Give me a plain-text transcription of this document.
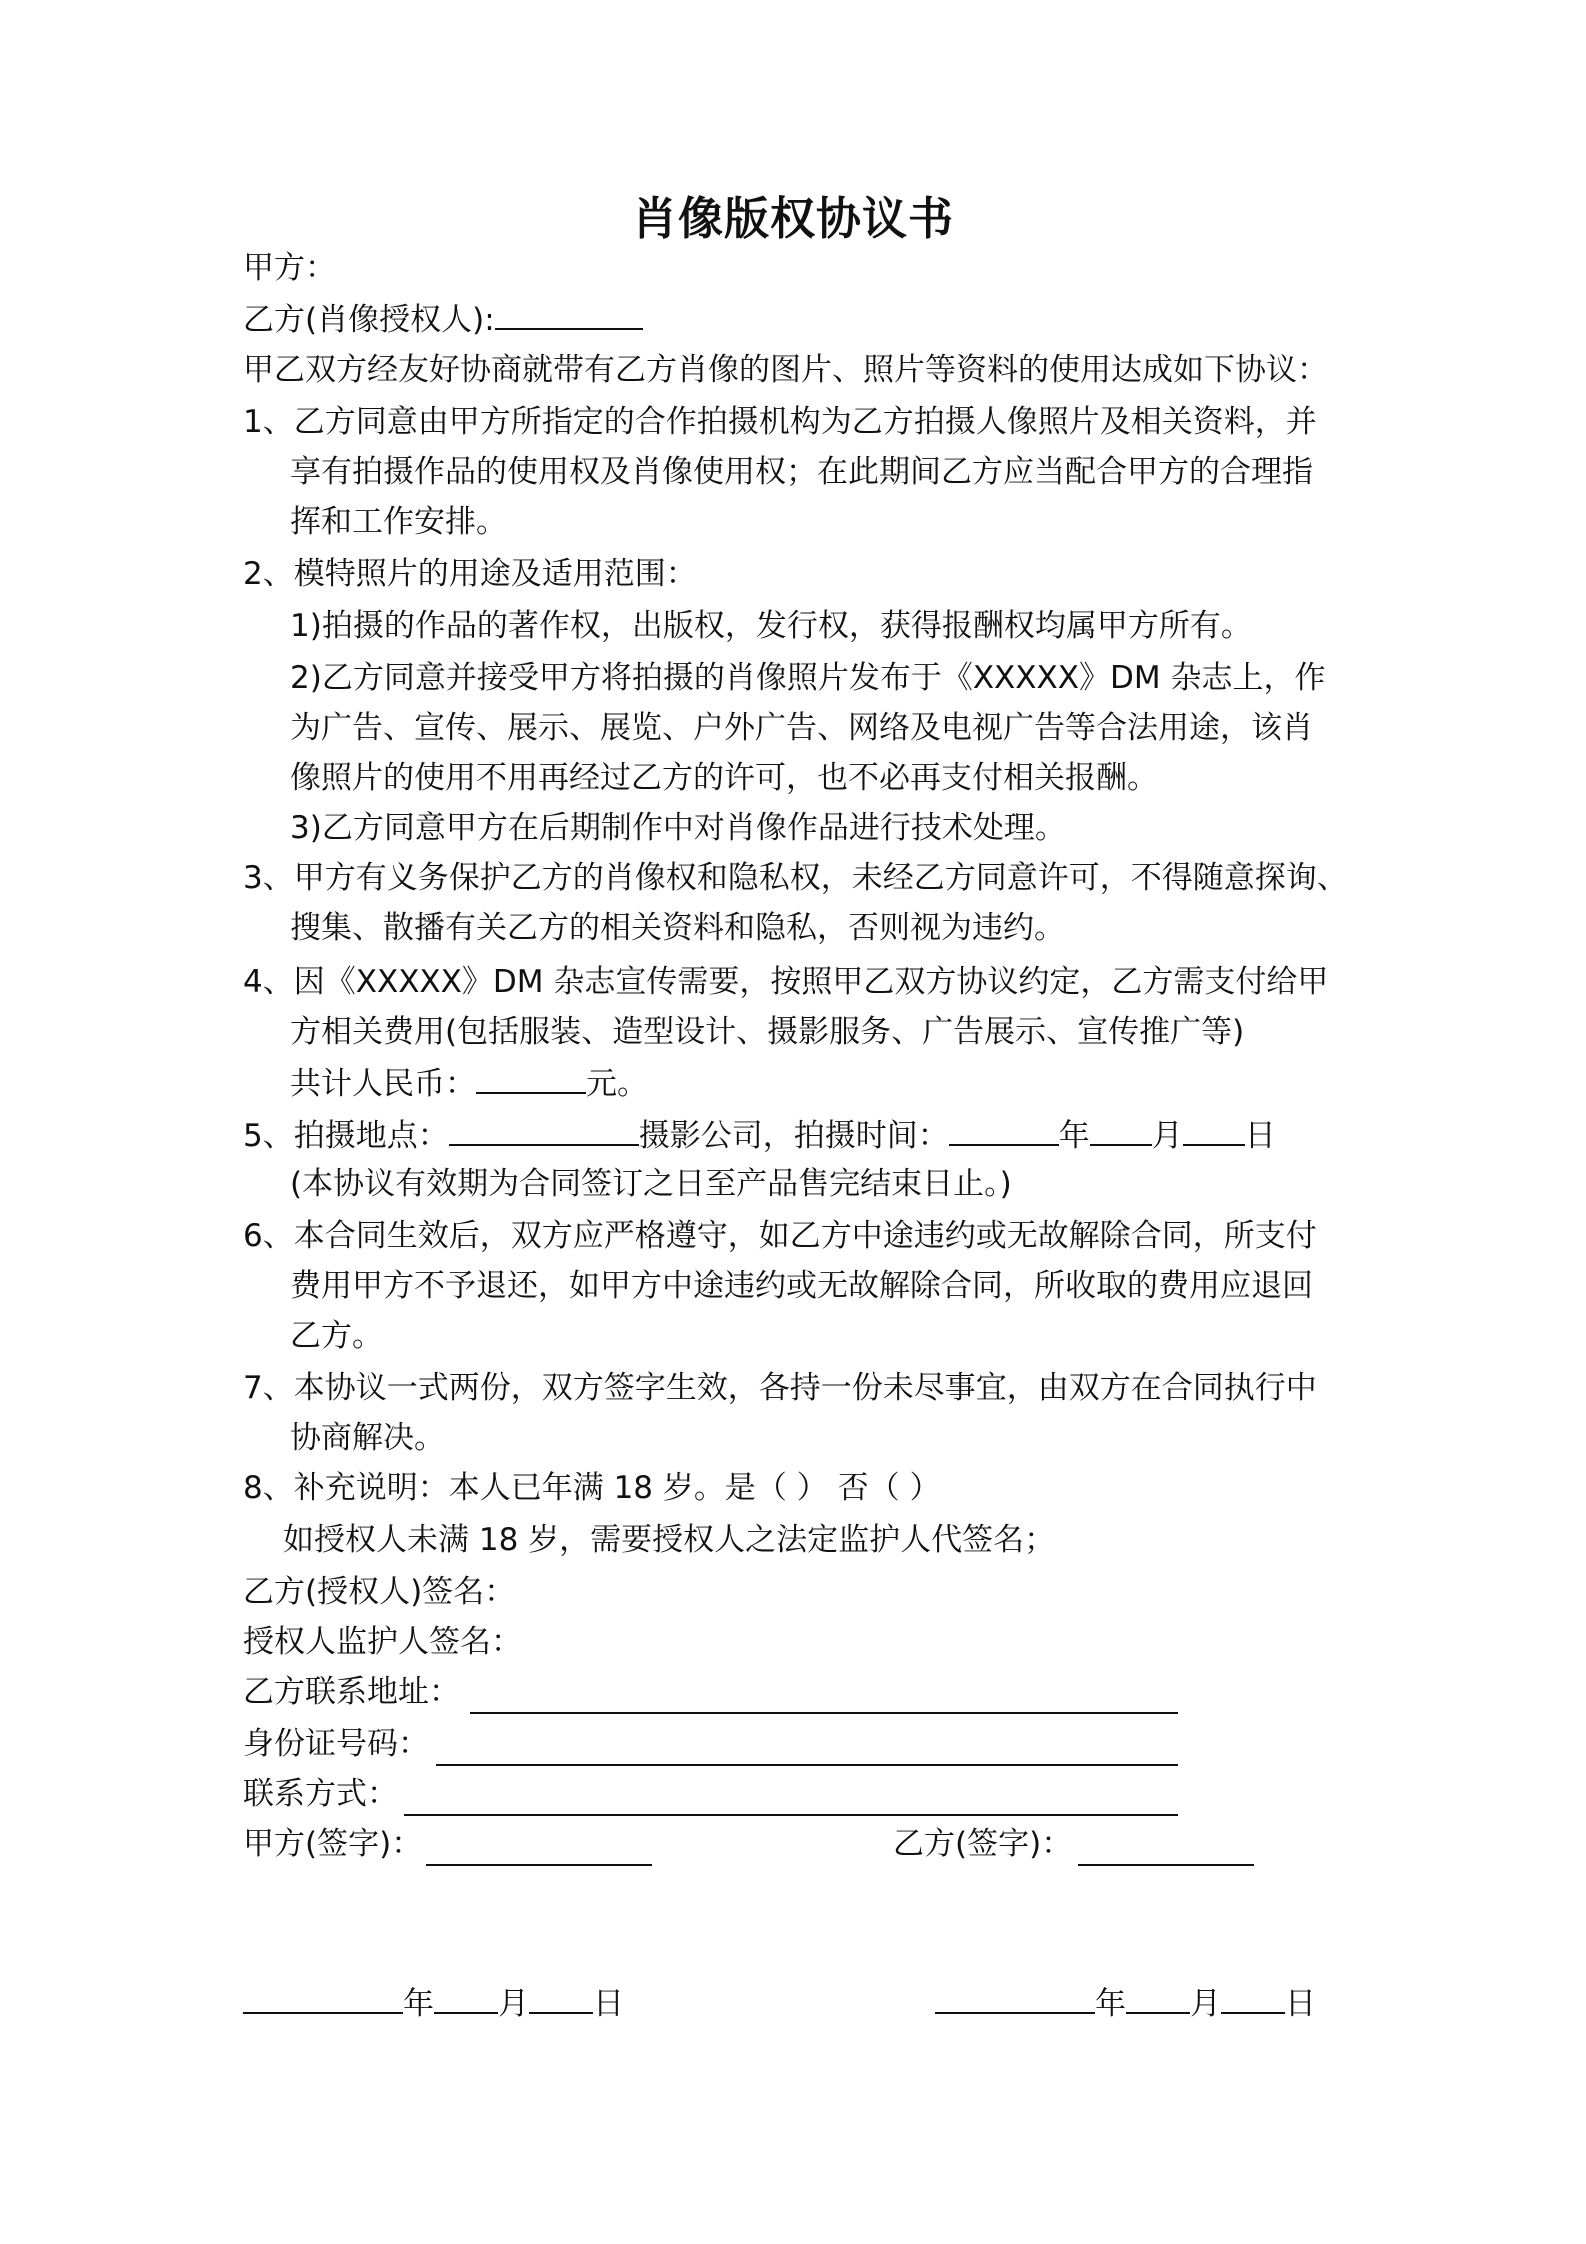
肖像版权协议书

甲方：

乙方(肖像授权人):

甲乙双方经友好协商就带有乙方肖像的图片、照片等资料的使用达成如下协议：

1、乙方同意由甲方所指定的合作拍摄机构为乙方拍摄人像照片及相关资料，并

享有拍摄作品的使用权及肖像使用权；在此期间乙方应当配合甲方的合理指

挥和工作安排。

2、模特照片的用途及适用范围：

1)拍摄的作品的著作权，出版权，发行权，获得报酬权均属甲方所有。

2)乙方同意并接受甲方将拍摄的肖像照片发布于《XXXXX》DM 杂志上，作

为广告、宣传、展示、展览、户外广告、网络及电视广告等合法用途，该肖

像照片的使用不用再经过乙方的许可，也不必再支付相关报酬。

3)乙方同意甲方在后期制作中对肖像作品进行技术处理。

3、甲方有义务保护乙方的肖像权和隐私权，未经乙方同意许可，不得随意探询、

搜集、散播有关乙方的相关资料和隐私，否则视为违约。

4、因《XXXXX》DM 杂志宣传需要，按照甲乙双方协议约定，乙方需支付给甲

方相关费用(包括服装、造型设计、摄影服务、广告展示、宣传推广等)

共计人民币：	元。

5、拍摄地点：	摄影公司，拍摄时间：	年 月 日

(本协议有效期为合同签订之日至产品售完结束日止。)

6、本合同生效后，双方应严格遵守，如乙方中途违约或无故解除合同，所支付

费用甲方不予退还，如甲方中途违约或无故解除合同，所收取的费用应退回

乙方。

7、本协议一式两份，双方签字生效，各持一份未尽事宜，由双方在合同执行中

协商解决。

8、补充说明：本人已年满 18 岁。是（ ） 否（ ）

如授权人未满 18 岁，需要授权人之法定监护人代签名；

乙方(授权人)签名：

授权人监护人签名：

乙方联系地址：

身份证号码：

联系方式：

甲方(签字)：	乙方(签字)：

年 月 日	年 月 日
